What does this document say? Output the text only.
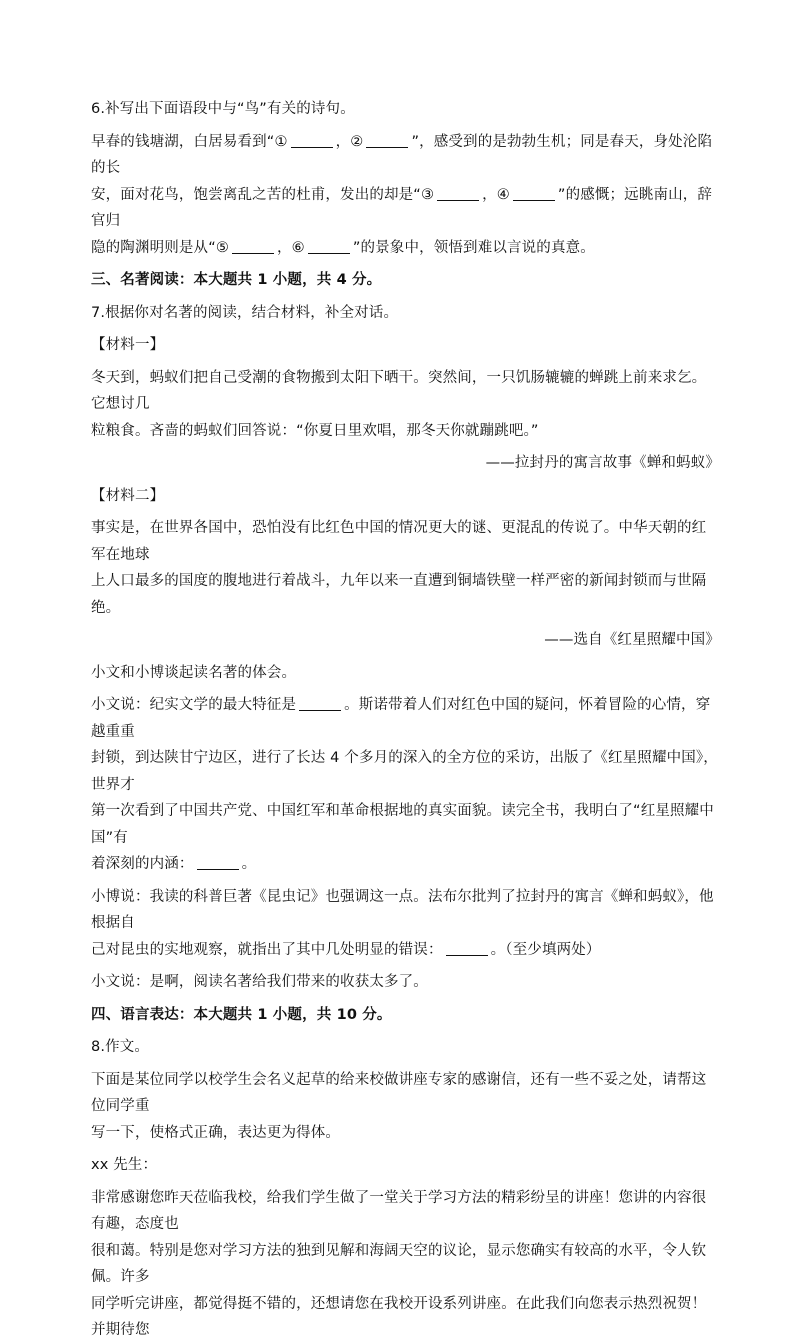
6.补写出下面语段中与“鸟”有关的诗句。

早春的钱塘湖，白居易看到“①	，②	”，感受到的是勃勃生机；同是春天，身处沦陷的长

安，面对花鸟，饱尝离乱之苦的杜甫，发出的却是“③	，④	”的感慨；远眺南山，辞官归

隐的陶渊明则是从“⑤	，⑥	”的景象中，领悟到难以言说的真意。

三、名著阅读：本大题共 1 小题，共 4 分。

7.根据你对名著的阅读，结合材料，补全对话。

【材料一】

冬天到，蚂蚁们把自己受潮的食物搬到太阳下晒干。突然间，一只饥肠辘辘的蝉跳上前来求乞。它想讨几

粒粮食。吝啬的蚂蚁们回答说：“你夏日里欢唱，那冬天你就蹦跳吧。”

——拉封丹的寓言故事《蝉和蚂蚁》

【材料二】

事实是，在世界各国中，恐怕没有比红色中国的情况更大的谜、更混乱的传说了。中华天朝的红军在地球

上人口最多的国度的腹地进行着战斗，九年以来一直遭到铜墙铁壁一样严密的新闻封锁而与世隔绝。

——选自《红星照耀中国》

小文和小博谈起读名著的体会。

小文说：纪实文学的最大特征是	。斯诺带着人们对红色中国的疑问，怀着冒险的心情，穿越重重

封锁，到达陕甘宁边区，进行了长达 4 个多月的深入的全方位的采访，出版了《红星照耀中国》，世界才

第一次看到了中国共产党、中国红军和革命根据地的真实面貌。读完全书，我明白了“红星照耀中国”有

着深刻的内涵：	。

小博说：我读的科普巨著《昆虫记》也强调这一点。法布尔批判了拉封丹的寓言《蝉和蚂蚁》，他根据自

己对昆虫的实地观察，就指出了其中几处明显的错误：	。（至少填两处）

小文说：是啊，阅读名著给我们带来的收获太多了。

四、语言表达：本大题共 1 小题，共 10 分。

8.作文。

下面是某位同学以校学生会名义起草的给来校做讲座专家的感谢信，还有一些不妥之处，请帮这位同学重

写一下，使格式正确，表达更为得体。

xx 先生：

非常感谢您昨天莅临我校，给我们学生做了一堂关于学习方法的精彩纷呈的讲座！您讲的内容很有趣，态度也

很和蔼。特别是您对学习方法的独到见解和海阔天空的议论，显示您确实有较高的水平，令人钦佩。许多

同学听完讲座，都觉得挺不错的，还想请您在我校开设系列讲座。在此我们向您表示热烈祝贺！并期待您
